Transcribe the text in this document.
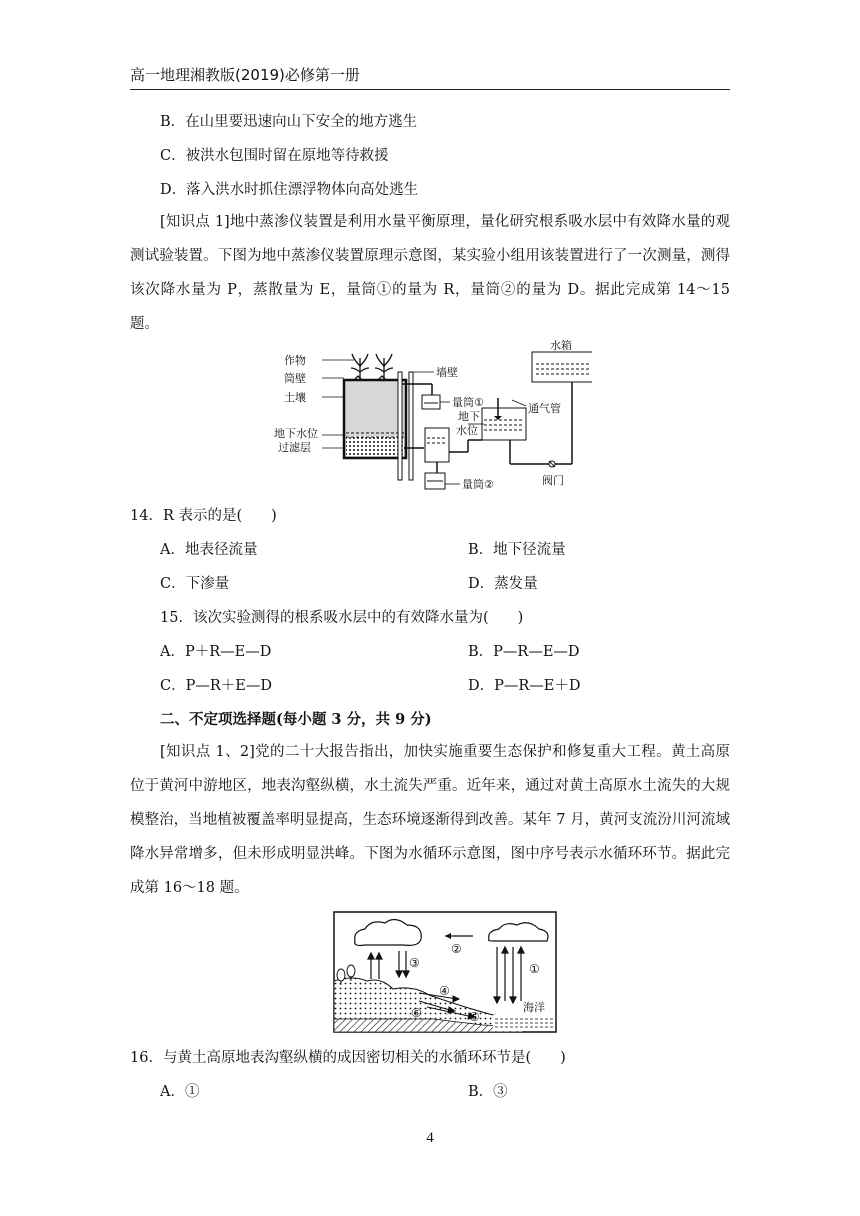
高一地理湘教版(2019)必修第一册
B．在山里要迅速向山下安全的地方逃生
C．被洪水包围时留在原地等待救援
D．落入洪水时抓住漂浮物体向高处逃生
[知识点 1]地中蒸渗仪装置是利用水量平衡原理，量化研究根系吸水层中有效降水量的观测试验装置。下图为地中蒸渗仪装置原理示意图，某实验小组用该装置进行了一次测量，测得该次降水量为 P，蒸散量为 E，量筒①的量为 R，量筒②的量为 D。据此完成第 14～15 题。
作物
筒壁
土壤
地下水位
过滤层
墙壁
量筒①
水箱
通气管
地下
水位
量筒②	阀门
14．R 表示的是(　　)
A．地表径流量	B．地下径流量
C．下渗量	D．蒸发量
15．该次实验测得的根系吸水层中的有效降水量为(　　)
A．P＋R—E—D	B．P—R—E—D
C．P—R＋E—D	D．P—R—E＋D
二、不定项选择题(每小题 3 分，共 9 分)
[知识点 1、2]党的二十大报告指出，加快实施重要生态保护和修复重大工程。黄土高原位于黄河中游地区，地表沟壑纵横，水土流失严重。近年来，通过对黄土高原水土流失的大规模整治，当地植被覆盖率明显提高，生态环境逐渐得到改善。某年 7 月，黄河支流汾川河流域降水异常增多，但未形成明显洪峰。下图为水循环示意图，图中序号表示水循环环节。据此完成第 16～18 题。
②
①
③
④
⑤
⑥	海洋
16．与黄土高原地表沟壑纵横的成因密切相关的水循环环节是(　　)
A．①	B．③
4
